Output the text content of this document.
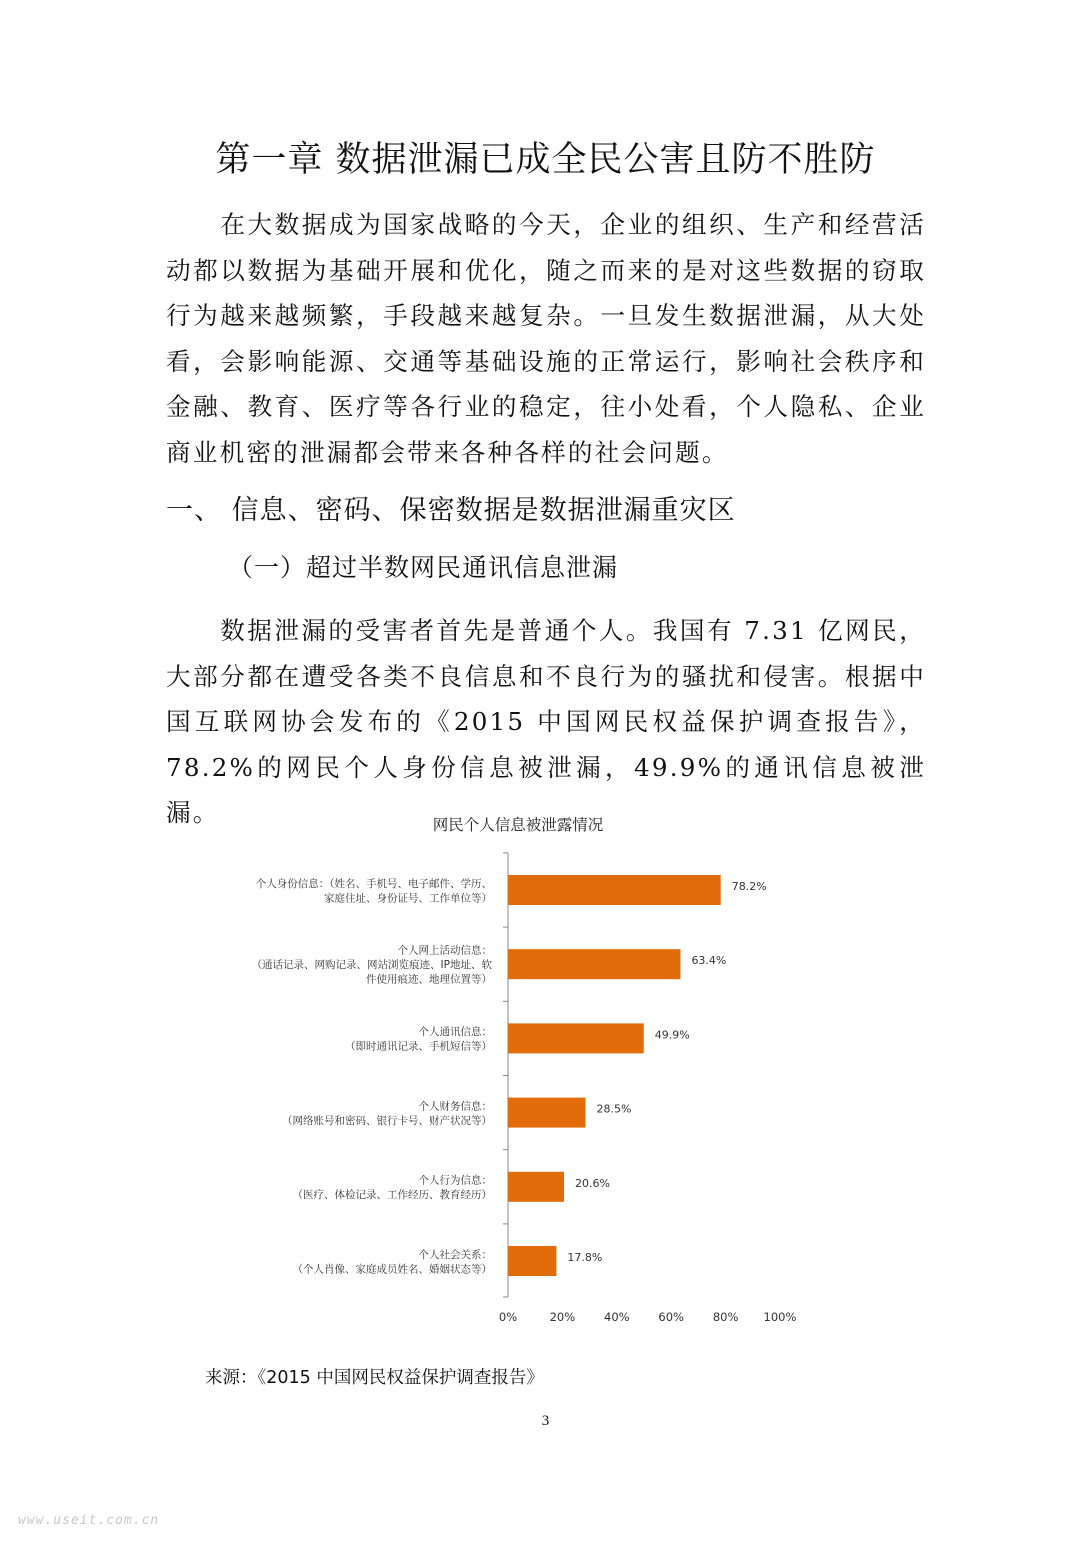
第一章 数据泄漏已成全民公害且防不胜防

在大数据成为国家战略的今天，企业的组织、生产和经营活动都以数据为基础开展和优化，随之而来的是对这些数据的窃取行为越来越频繁，手段越来越复杂。一旦发生数据泄漏，从大处看，会影响能源、交通等基础设施的正常运行，影响社会秩序和金融、教育、医疗等各行业的稳定，往小处看，个人隐私、企业商业机密的泄漏都会带来各种各样的社会问题。

一、 信息、密码、保密数据是数据泄漏重灾区
（一）超过半数网民通讯信息泄漏

数据泄漏的受害者首先是普通个人。我国有 7.31 亿网民，大部分都在遭受各类不良信息和不良行为的骚扰和侵害。根据中国互联网协会发布的《2015 中国网民权益保护调查报告》，78.2%的网民个人身份信息被泄漏，49.9%的通讯信息被泄漏。	网民个人信息被泄露情况
78.2%
个人身份信息：（姓名、手机号、电子邮件、学历、家庭住址、身份证号、工作单位等）
63.4%
个人网上活动信息：（通话记录、网购记录、网站浏览痕迹、IP地址、软件使用痕迹、地理位置等）
49.9%
个人通讯信息：（即时通讯记录、手机短信等）
28.5%
个人财务信息：（网络账号和密码、银行卡号、财产状况等）
20.6%
个人行为信息：（医疗、体检记录、工作经历、教育经历）
17.8%
个人社会关系：（个人肖像、家庭成员姓名、婚姻状态等）
0%	20%	40%	60%	80% 100%
来源：《2015 中国网民权益保护调查报告》
3
www.useit.com.cn
